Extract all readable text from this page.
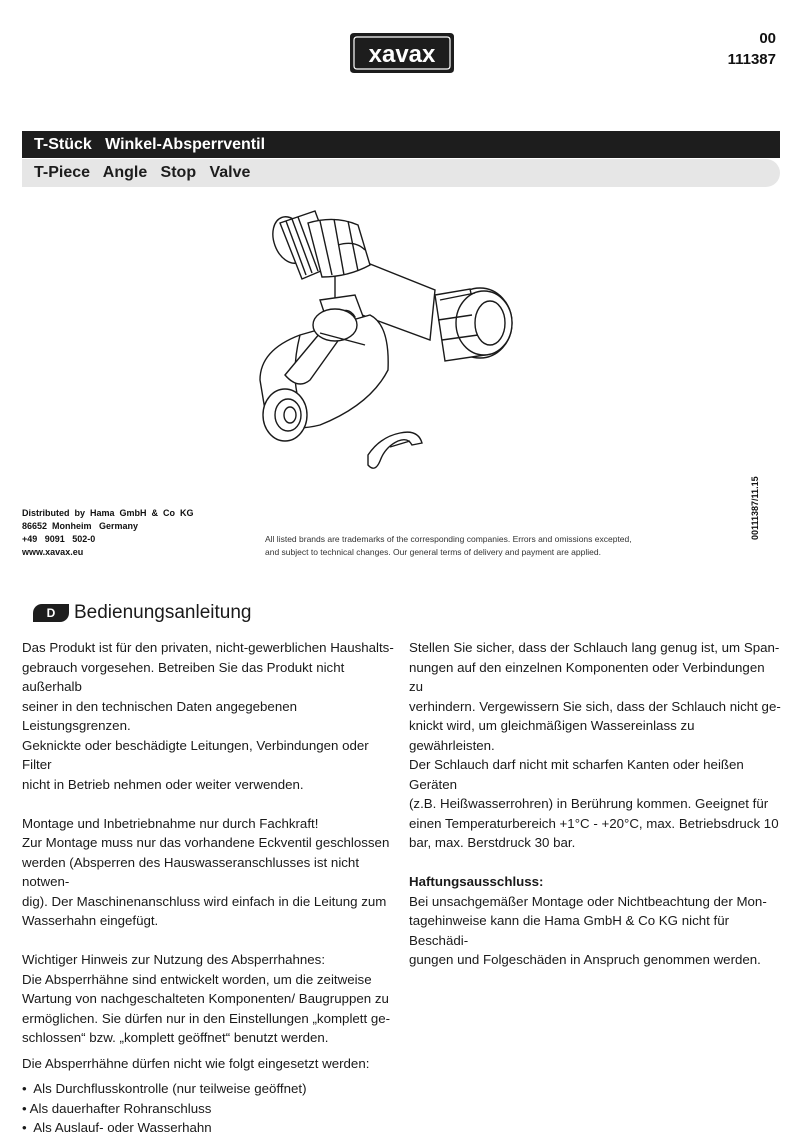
xavax
00
111387
T-Stück   Winkel-Absperrventil
T-Piece   Angle   Stop   Valve
Distributed  by  Hama  GmbH  &  Co  KG
86652  Monheim   Germany
+49   9091   502-0
www.xavax.eu
All listed brands are trademarks of the corresponding companies. Errors and omissions excepted,
and subject to technical changes. Our general terms of delivery and payment are applied.
00111387/11.15
D Bedienungsanleitung

Das Produkt ist für den privaten, nicht-gewerblichen Haushalts-

gebrauch vorgesehen. Betreiben Sie das Produkt nicht außerhalb

seiner in den technischen Daten angegebenen Leistungsgrenzen.

Geknickte oder beschädigte Leitungen, Verbindungen oder Filter

nicht in Betrieb nehmen oder weiter verwenden.

Montage und Inbetriebnahme nur durch Fachkraft!

Zur Montage muss nur das vorhandene Eckventil geschlossen

werden (Absperren des Hauswasseranschlusses ist nicht notwen-

dig). Der Maschinenanschluss wird einfach in die Leitung zum

Wasserhahn eingefügt.

Wichtiger Hinweis zur Nutzung des Absperrhahnes:

Die Absperrhähne sind entwickelt worden, um die zeitweise

Wartung von nachgeschalteten Komponenten/ Baugruppen zu

ermöglichen. Sie dürfen nur in den Einstellungen „komplett ge-

schlossen“ bzw. „komplett geöffnet“ benutzt werden.

Die Absperrhähne dürfen nicht wie folgt eingesetzt werden:

•  Als Durchflusskontrolle (nur teilweise geöffnet)

• Als dauerhafter Rohranschluss

•  Als Auslauf- oder Wasserhahn

Stellen Sie sicher, dass der Schlauch lang genug ist, um Span-

nungen auf den einzelnen Komponenten oder Verbindungen zu

verhindern. Vergewissern Sie sich, dass der Schlauch nicht ge-

knickt wird, um gleichmäßigen Wassereinlass zu gewährleisten.

Der Schlauch darf nicht mit scharfen Kanten oder heißen Geräten

(z.B. Heißwasserrohren) in Berührung kommen. Geeignet für

einen Temperaturbereich +1°C - +20°C, max. Betriebsdruck 10

bar, max. Berstdruck 30 bar.

Haftungsausschluss:

Bei unsachgemäßer Montage oder Nichtbeachtung der Mon-

tagehinweise kann die Hama GmbH & Co KG nicht für Beschädi-

gungen und Folgeschäden in Anspruch genommen werden.
